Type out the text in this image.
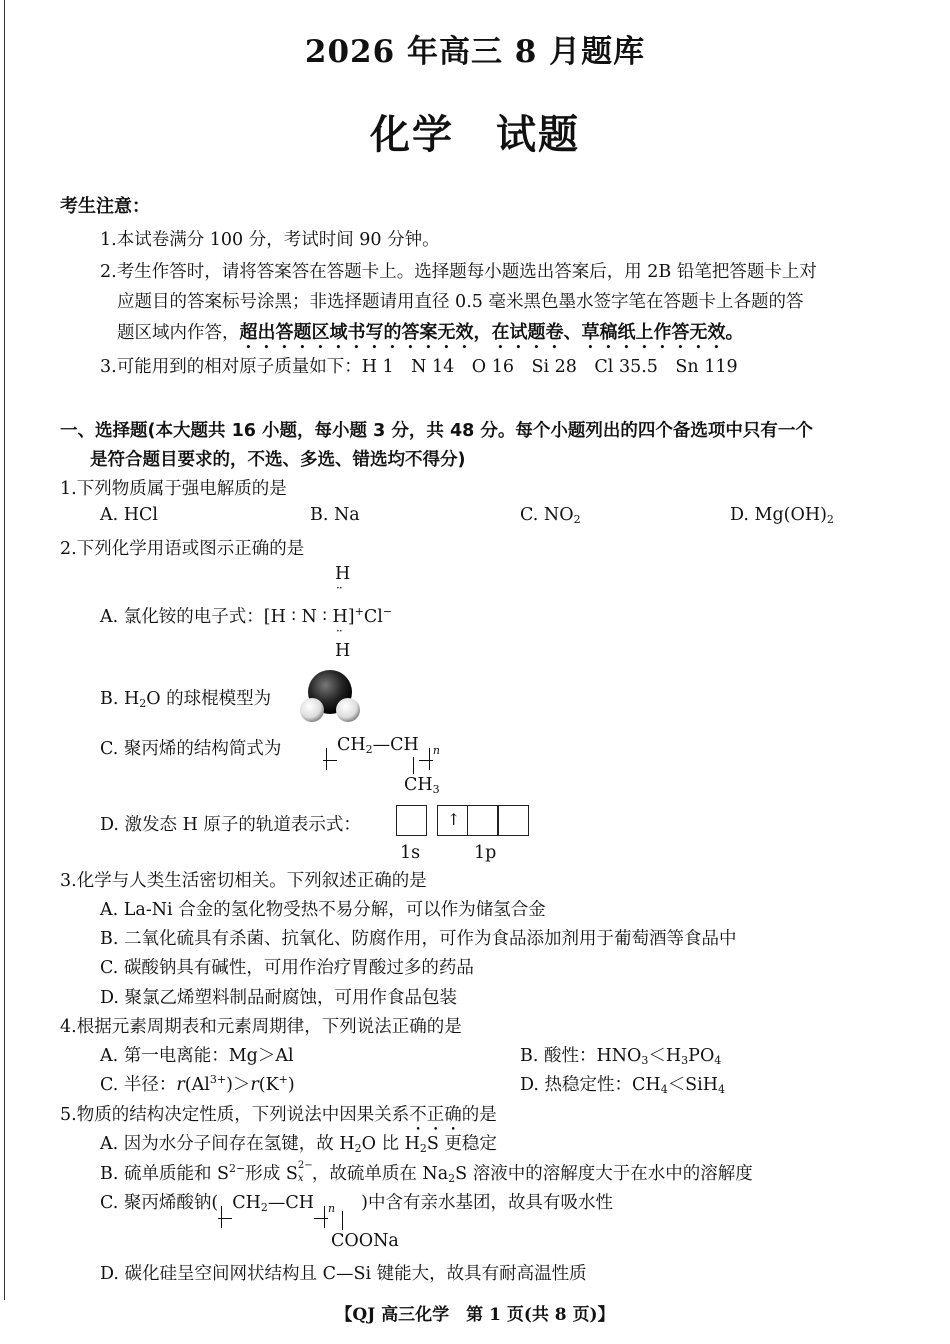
2026 年高三 8 月题库
化学　试题
考生注意：
1.本试卷满分 100 分，考试时间 90 分钟。
2.考生作答时，请将答案答在答题卡上。选择题每小题选出答案后，用 2B 铅笔把答题卡上对
应题目的答案标号涂黑；非选择题请用直径 0.5 毫米黑色墨水签字笔在答题卡上各题的答
题区域内作答，超出答题区域书写的答案无效，在试题卷、草稿纸上作答无效。
3.可能用到的相对原子质量如下：H 1　N 14　O 16　Si 28　Cl 35.5　Sn 119
一、选择题(本大题共 16 小题，每小题 3 分，共 48 分。每个小题列出的四个备选项中只有一个
是符合题目要求的，不选、多选、错选均不得分)
1.下列物质属于强电解质的是
A. HCl	B. Na	C. $NO_2$	D. $Mg(OH)_2$
2.下列化学用语或图示正确的是
H
··
A. 氯化铵的电子式：[H ∶ N ∶ H]+Cl−
··
H
B. $H_2O$ 的球棍模型为
C. 聚丙烯的结构简式为	$CH_2—CH$ $_n$
$CH_3$
D. 激发态 H 原子的轨道表示式：	↑
1s	1p
3.化学与人类生活密切相关。下列叙述正确的是
A. La-Ni 合金的氢化物受热不易分解，可以作为储氢合金
B. 二氧化硫具有杀菌、抗氧化、防腐作用，可作为食品添加剂用于葡萄酒等食品中
C. 碳酸钠具有碱性，可用作治疗胃酸过多的药品
D. 聚氯乙烯塑料制品耐腐蚀，可用作食品包装
4.根据元素周期表和元素周期律，下列说法正确的是
A. 第一电离能：Mg＞Al	B. 酸性：$HNO_3<H_3PO_4$
C. 半径：$r(Al^{3+})>r(K^+)$	D. 热稳定性：$CH_4<SiH_4$
5.物质的结构决定性质，下列说法中因果关系不正确的是
A. 因为水分子间存在氢键，故 $H_2O$ 比 $H_2S$ 更稳定
B. 硫单质能和 $S^{2-}$形成 S 2−
x ，故硫单质在 $Na_2S$ 溶液中的溶解度大于在水中的溶解度
C. 聚丙烯酸钠( $CH_2—CH$ $_n$ )中含有亲水基团，故具有吸水性
COONa
D. 碳化硅呈空间网状结构且 C—Si 键能大，故具有耐高温性质
【QJ 高三化学　第 1 页(共 8 页)】
